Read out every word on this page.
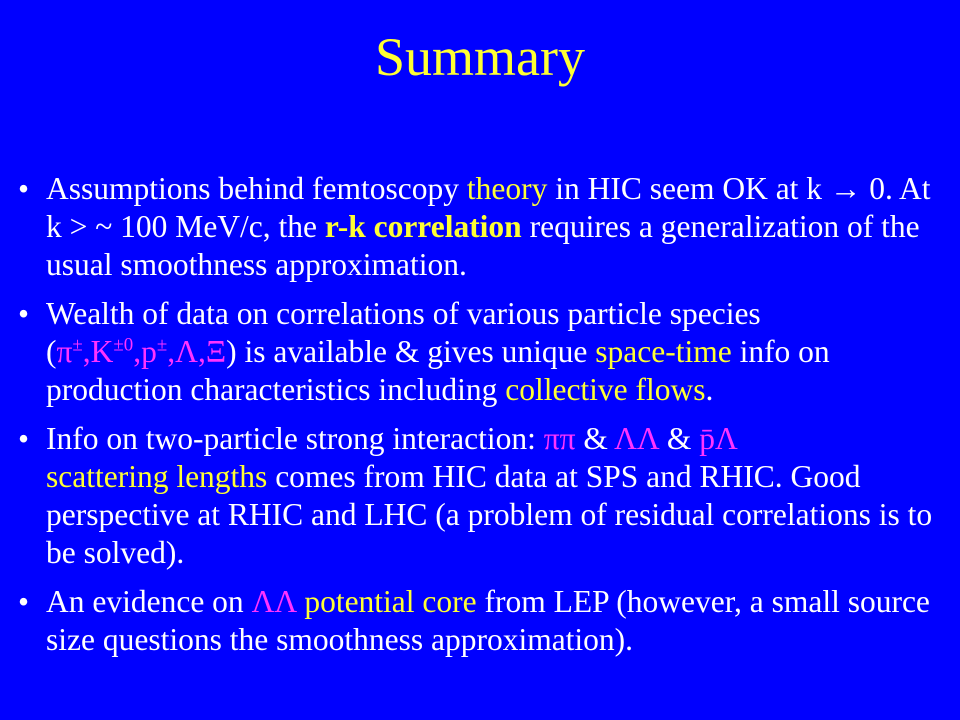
Summary
• Assumptions behind femtoscopy theory in HIC seem OK at k → 0. At k > ~ 100 MeV/c, the r-k correlation requires a generalization of the usual smoothness approximation.
• Wealth of data on correlations of various particle species $(\pi^\pm,K^{\pm 0},p^\pm,\Lambda,\Xi)$ is available & gives unique space-time info on production characteristics including collective flows.
• Info on two-particle strong interaction: ππ & ΛΛ & p̄Λ
scattering lengths comes from HIC data at SPS and RHIC. Good perspective at RHIC and LHC (a problem of residual correlations is to be solved).
• An evidence on ΛΛ potential core from LEP (however, a small source size questions the smoothness approximation).
